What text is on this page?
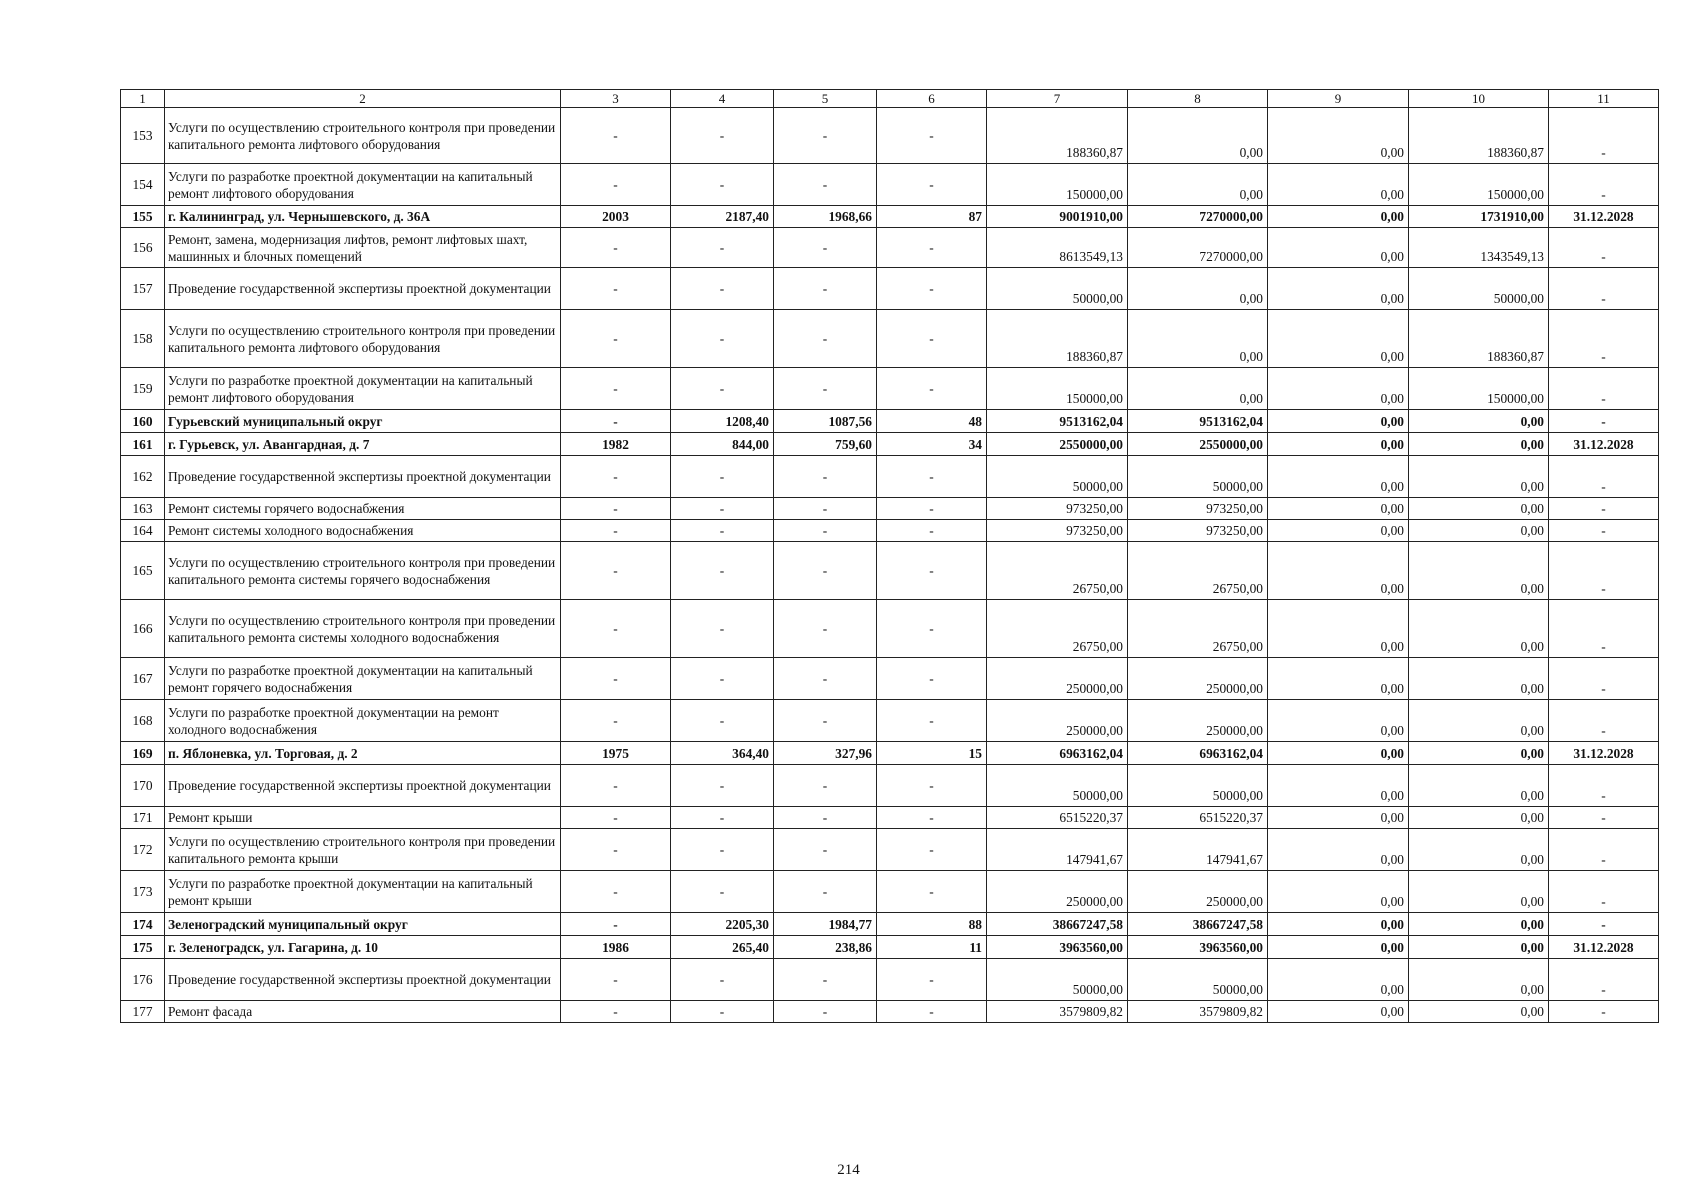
1	2	3	4	5	6	7	8	9	10	11
153	Услуги по осуществлению строительного контроля при проведении капитального ремонта лифтового оборудования	-	-	-	-	188360,87	0,00	0,00	188360,87	-
154	Услуги по разработке проектной документации на капитальный ремонт лифтового оборудования	-	-	-	-	150000,00	0,00	0,00	150000,00	-
155	г. Калининград, ул. Чернышевского, д. 36А	2003	2187,40	1968,66	87	9001910,00	7270000,00	0,00	1731910,00	31.12.2028
156	Ремонт, замена, модернизация лифтов, ремонт лифтовых шахт, машинных и блочных помещений	-	-	-	-	8613549,13	7270000,00	0,00	1343549,13	-
157	Проведение государственной экспертизы проектной документации	-	-	-	-	50000,00	0,00	0,00	50000,00	-
158	Услуги по осуществлению строительного контроля при проведении капитального ремонта лифтового оборудования	-	-	-	-	188360,87	0,00	0,00	188360,87	-
159	Услуги по разработке проектной документации на капитальный ремонт лифтового оборудования	-	-	-	-	150000,00	0,00	0,00	150000,00	-
160	Гурьевский муниципальный округ	-	1208,40	1087,56	48	9513162,04	9513162,04	0,00	0,00	-
161	г. Гурьевск, ул. Авангардная, д. 7	1982	844,00	759,60	34	2550000,00	2550000,00	0,00	0,00	31.12.2028
162	Проведение государственной экспертизы проектной документации	-	-	-	-	50000,00	50000,00	0,00	0,00	-
163	Ремонт системы горячего водоснабжения	-	-	-	-	973250,00	973250,00	0,00	0,00	-
164	Ремонт системы холодного водоснабжения	-	-	-	-	973250,00	973250,00	0,00	0,00	-
165	Услуги по осуществлению строительного контроля при проведении капитального ремонта системы горячего водоснабжения	-	-	-	-	26750,00	26750,00	0,00	0,00	-
166	Услуги по осуществлению строительного контроля при проведении капитального ремонта системы холодного водоснабжения	-	-	-	-	26750,00	26750,00	0,00	0,00	-
167	Услуги по разработке проектной документации на капитальный ремонт горячего водоснабжения	-	-	-	-	250000,00	250000,00	0,00	0,00	-
168	Услуги по разработке проектной документации на ремонт холодного водоснабжения	-	-	-	-	250000,00	250000,00	0,00	0,00	-
169	п. Яблоневка, ул. Торговая, д. 2	1975	364,40	327,96	15	6963162,04	6963162,04	0,00	0,00	31.12.2028
170	Проведение государственной экспертизы проектной документации	-	-	-	-	50000,00	50000,00	0,00	0,00	-
171	Ремонт крыши	-	-	-	-	6515220,37	6515220,37	0,00	0,00	-
172	Услуги по осуществлению строительного контроля при проведении капитального ремонта крыши	-	-	-	-	147941,67	147941,67	0,00	0,00	-
173	Услуги по разработке проектной документации на капитальный ремонт крыши	-	-	-	-	250000,00	250000,00	0,00	0,00	-
174	Зеленоградский муниципальный округ	-	2205,30	1984,77	88	38667247,58	38667247,58	0,00	0,00	-
175	г. Зеленоградск, ул. Гагарина, д. 10	1986	265,40	238,86	11	3963560,00	3963560,00	0,00	0,00	31.12.2028
176	Проведение государственной экспертизы проектной документации	-	-	-	-	50000,00	50000,00	0,00	0,00	-
177	Ремонт фасада	-	-	-	-	3579809,82	3579809,82	0,00	0,00	-
214
